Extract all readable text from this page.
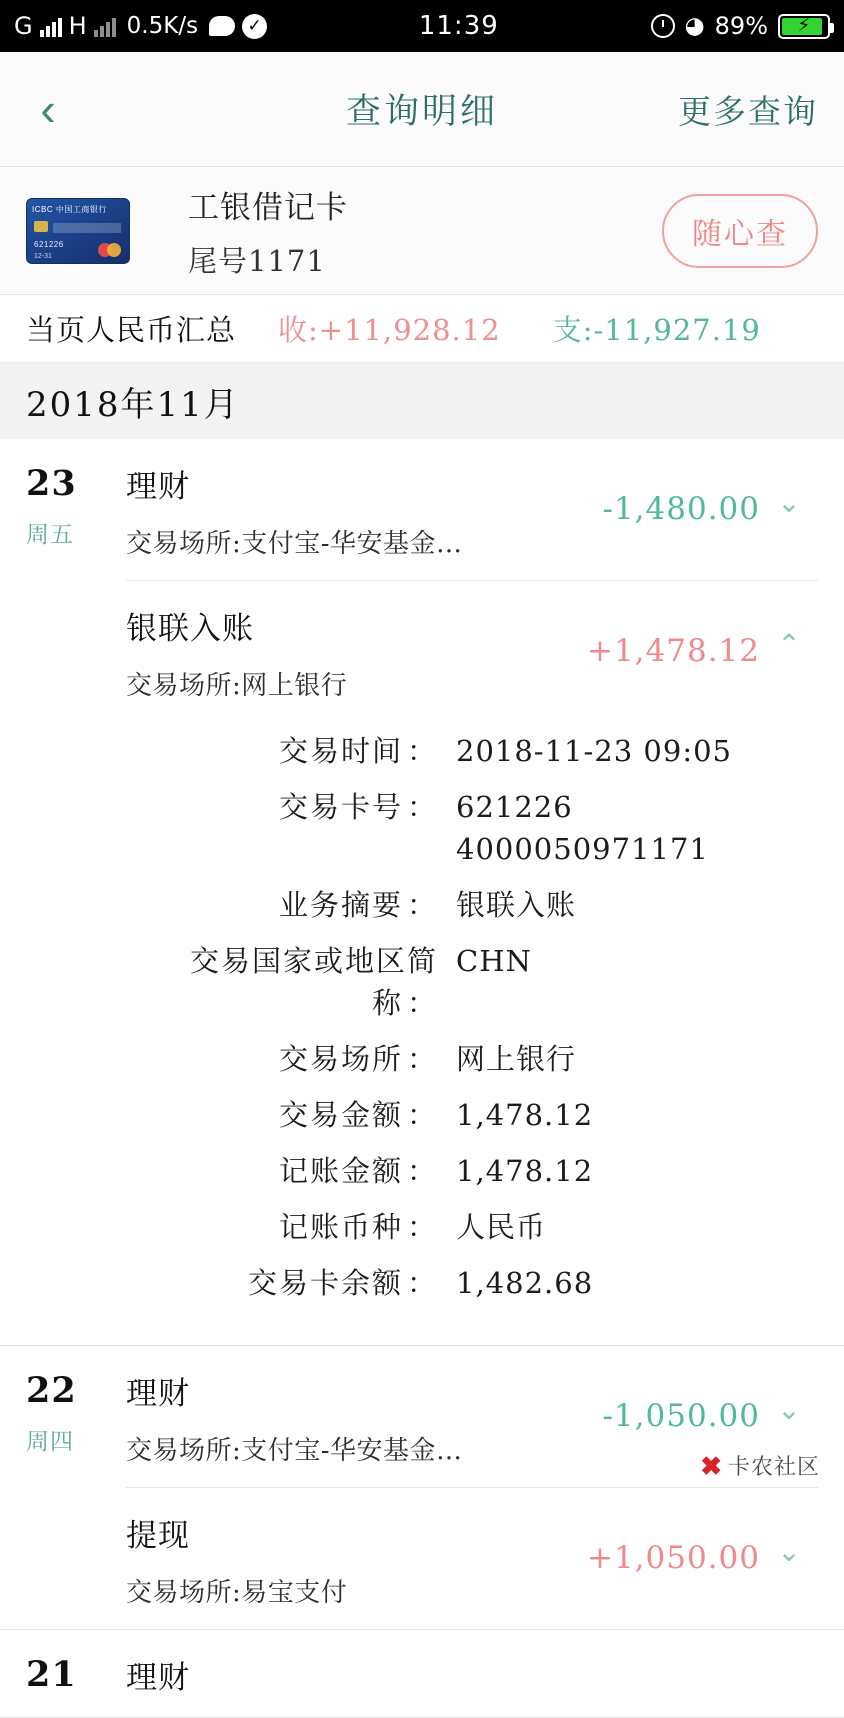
G H 0.5K/s	✓	11:39	◕ 89% ⚡
‹	查询明细	更多查询
ICBC 中国工商银行
621226
12-31
工银借记卡
尾号1171
随心查
当页人民币汇总 收:+11,928.12 支:-11,927.19
2018年11月
23
周五
理财
交易场所:支付宝-华安基金…
-1,480.00 ⌄
银联入账
交易场所:网上银行
+1,478.12 ⌃
交易时间 ： 2018-11-23 09:05
交易卡号 ： 621226 4000050971171
业务摘要 ： 银联入账
交易国家或地区简称 ：
CHN
交易场所 ： 网上银行
交易金额 ： 1,478.12
记账金额 ： 1,478.12
记账币种 ： 人民币
交易卡余额 ： 1,482.68
22
周四
理财
交易场所:支付宝-华安基金…
-1,050.00 ⌄
提现
交易场所:易宝支付
+1,050.00 ⌄
21	理财
✖ 卡农社区
